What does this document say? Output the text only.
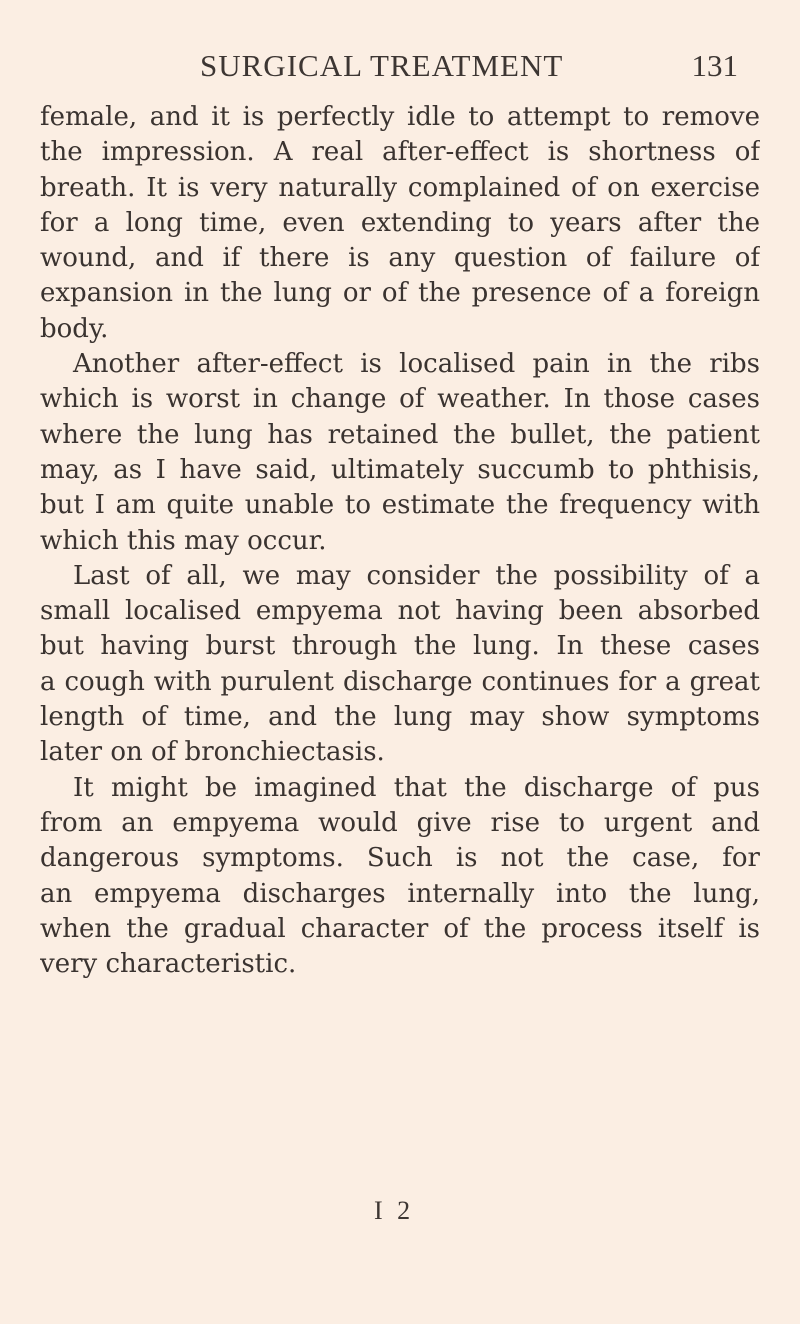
SURGICAL TREATMENT	131
female, and it is perfectly idle to attempt to remove
the impression. A real after-effect is shortness of
breath. It is very naturally complained of on exercise
for a long time, even extending to years after the
wound, and if there is any question of failure of
expansion in the lung or of the presence of a foreign
body.
Another after-effect is localised pain in the ribs
which is worst in change of weather. In those cases
where the lung has retained the bullet, the patient
may, as I have said, ultimately succumb to phthisis,
but I am quite unable to estimate the frequency with
which this may occur.
Last of all, we may consider the possibility of a
small localised empyema not having been absorbed
but having burst through the lung. In these cases
a cough with purulent discharge continues for a great
length of time, and the lung may show symptoms
later on of bronchiectasis.
It might be imagined that the discharge of pus
from an empyema would give rise to urgent and
dangerous symptoms. Such is not the case, for
an empyema discharges internally into the lung,
when the gradual character of the process itself is
very characteristic.
I 2
